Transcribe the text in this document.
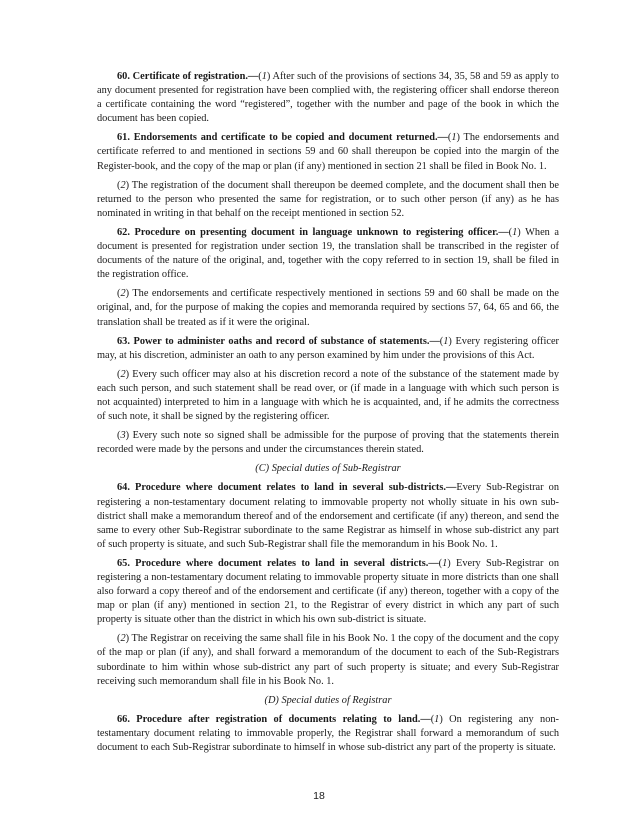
60. Certificate of registration.—(1) After such of the provisions of sections 34, 35, 58 and 59 as apply to any document presented for registration have been complied with, the registering officer shall endorse thereon a certificate containing the word “registered”, together with the number and page of the book in which the document has been copied.

61. Endorsements and certificate to be copied and document returned.—(1) The endorsements and certificate referred to and mentioned in sections 59 and 60 shall thereupon be copied into the margin of the Register-book, and the copy of the map or plan (if any) mentioned in section 21 shall be filed in Book No. 1.

(2) The registration of the document shall thereupon be deemed complete, and the document shall then be returned to the person who presented the same for registration, or to such other person (if any) as he has nominated in writing in that behalf on the receipt mentioned in section 52.

62. Procedure on presenting document in language unknown to registering officer.—(1) When a document is presented for registration under section 19, the translation shall be transcribed in the register of documents of the nature of the original, and, together with the copy referred to in section 19, shall be filed in the registration office.

(2) The endorsements and certificate respectively mentioned in sections 59 and 60 shall be made on the original, and, for the purpose of making the copies and memoranda required by sections 57, 64, 65 and 66, the translation shall be treated as if it were the original.

63. Power to administer oaths and record of substance of statements.—(1) Every registering officer may, at his discretion, administer an oath to any person examined by him under the provisions of this Act.

(2) Every such officer may also at his discretion record a note of the substance of the statement made by each such person, and such statement shall be read over, or (if made in a language with which such person is not acquainted) interpreted to him in a language with which he is acquainted, and, if he admits the correctness of such note, it shall be signed by the registering officer.

(3) Every such note so signed shall be admissible for the purpose of proving that the statements therein recorded were made by the persons and under the circumstances therein stated.

(C) Special duties of Sub-Registrar

64. Procedure where document relates to land in several sub-districts.—Every Sub-Registrar on registering a non-testamentary document relating to immovable property not wholly situate in his own sub-district shall make a memorandum thereof and of the endorsement and certificate (if any) thereon, and send the same to every other Sub-Registrar subordinate to the same Registrar as himself in whose sub-district any part of such property is situate, and such Sub-Registrar shall file the memorandum in his Book No. 1.

65. Procedure where document relates to land in several districts.—(1) Every Sub-Registrar on registering a non-testamentary document relating to immovable property situate in more districts than one shall also forward a copy thereof and of the endorsement and certificate (if any) thereon, together with a copy of the map or plan (if any) mentioned in section 21, to the Registrar of every district in which any part of such property is situate other than the district in which his own sub-district is situate.

(2) The Registrar on receiving the same shall file in his Book No. 1 the copy of the document and the copy of the map or plan (if any), and shall forward a memorandum of the document to each of the Sub-Registrars subordinate to him within whose sub-district any part of such property is situate; and every Sub-Registrar receiving such memorandum shall file in his Book No. 1.

(D) Special duties of Registrar

66. Procedure after registration of documents relating to land.—(1) On registering any non-testamentary document relating to immovable properly, the Registrar shall forward a memorandum of such document to each Sub-Registrar subordinate to himself in whose sub-district any part of the property is situate.

18
